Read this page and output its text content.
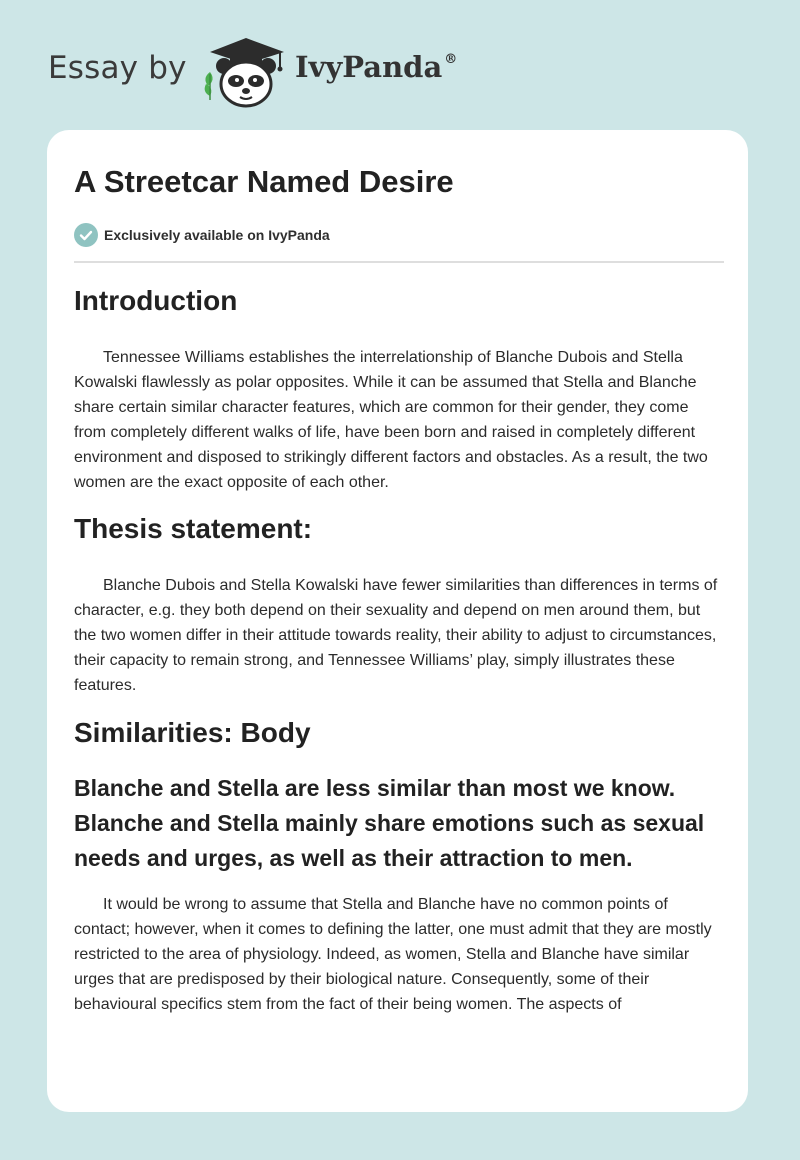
Essay by	IvyPanda ®
A Streetcar Named Desire
Exclusively available on IvyPanda
Introduction

Tennessee Williams establishes the interrelationship of Blanche Dubois and Stella Kowalski flawlessly as polar opposites. While it can be assumed that Stella and Blanche share certain similar character features, which are common for their gender, they come from completely different walks of life, have been born and raised in completely different environment and disposed to strikingly different factors and obstacles. As a result, the two women are the exact opposite of each other.

Thesis statement:

Blanche Dubois and Stella Kowalski have fewer similarities than differences in terms of character, e.g. they both depend on their sexuality and depend on men around them, but the two women differ in their attitude towards reality, their ability to adjust to circumstances, their capacity to remain strong, and Tennessee Williams’ play, simply illustrates these features.

Similarities: Body
Blanche and Stella are less similar than most we know. Blanche and Stella mainly share emotions such as sexual needs and urges, as well as their attraction to men.

It would be wrong to assume that Stella and Blanche have no common points of contact; however, when it comes to defining the latter, one must admit that they are mostly restricted to the area of physiology. Indeed, as women, Stella and Blanche have similar urges that are predisposed by their biological nature. Consequently, some of their behavioural specifics stem from the fact of their being women. The aspects of
